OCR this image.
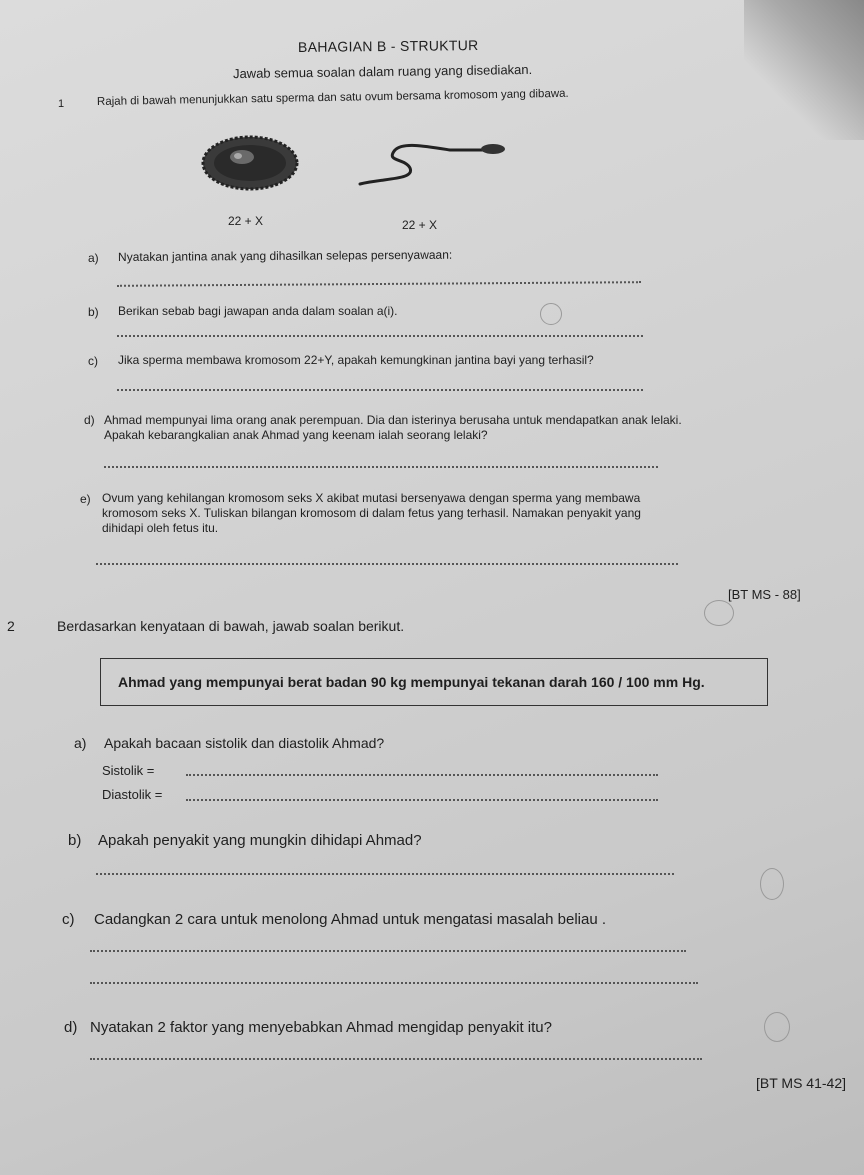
BAHAGIAN B - STRUKTUR
Jawab semua soalan dalam ruang yang disediakan.
1	Rajah di bawah menunjukkan satu sperma dan satu ovum bersama kromosom yang dibawa.
22 + X	22 + X
a) Nyatakan jantina anak yang dihasilkan selepas persenyawaan:
b) Berikan sebab bagi jawapan anda dalam soalan a(i).
c) Jika sperma membawa kromosom 22+Y, apakah kemungkinan jantina bayi yang terhasil?
d) Ahmad mempunyai lima orang anak perempuan. Dia dan isterinya berusaha untuk mendapatkan anak lelaki.
Apakah kebarangkalian anak Ahmad yang keenam ialah seorang lelaki?
e) Ovum yang kehilangan kromosom seks X akibat mutasi bersenyawa dengan sperma yang membawa
kromosom seks X. Tuliskan bilangan kromosom di dalam fetus yang terhasil. Namakan penyakit yang
dihidapi oleh fetus itu.
[BT MS - 88]
2	Berdasarkan kenyataan di bawah, jawab soalan berikut.
Ahmad yang mempunyai berat badan 90 kg mempunyai tekanan darah 160 / 100 mm Hg.
a) Apakah bacaan sistolik dan diastolik Ahmad?
Sistolik =
Diastolik =
b) Apakah penyakit yang mungkin dihidapi Ahmad?
c) Cadangkan 2 cara untuk menolong Ahmad untuk mengatasi masalah beliau .
d) Nyatakan 2 faktor yang menyebabkan Ahmad mengidap penyakit itu?
[BT MS 41-42]
